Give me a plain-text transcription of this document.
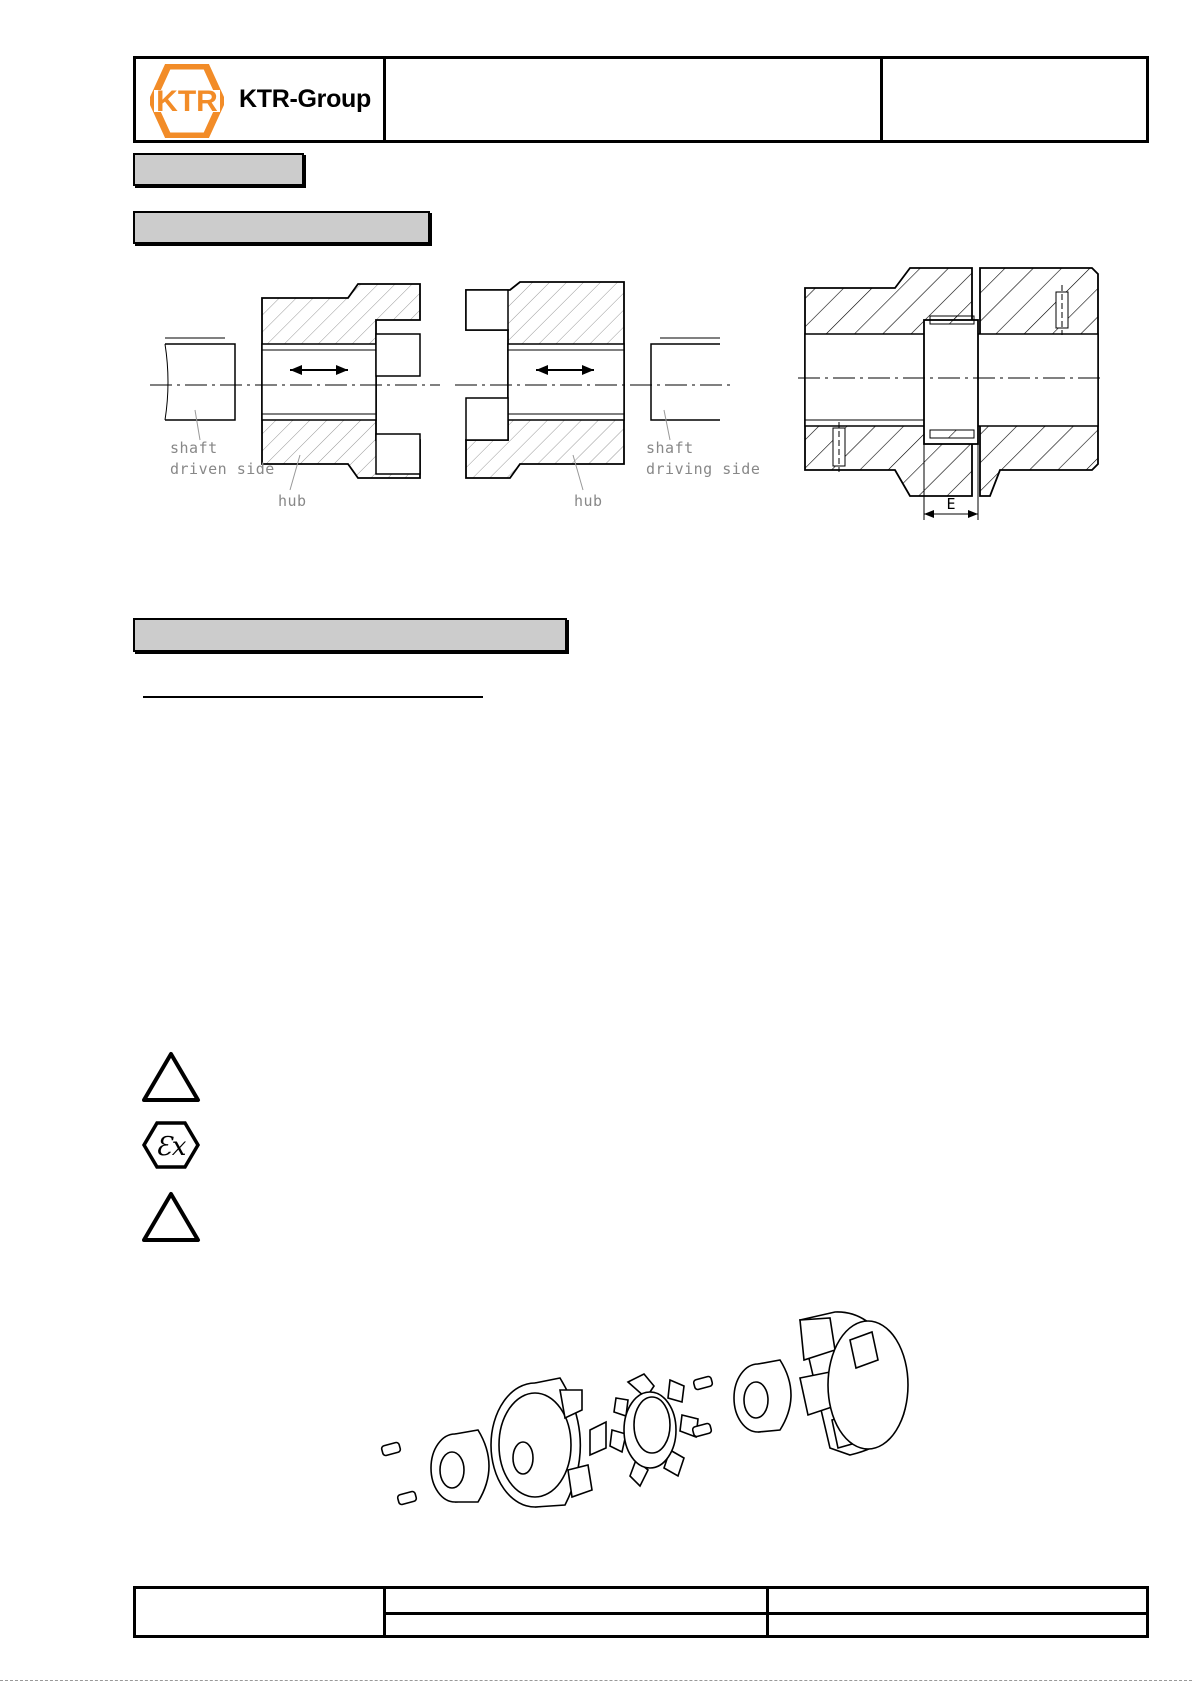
KTR KTR-Group
shaft
driven side
hub	hub
shaft
driving side
E
Ɛx
